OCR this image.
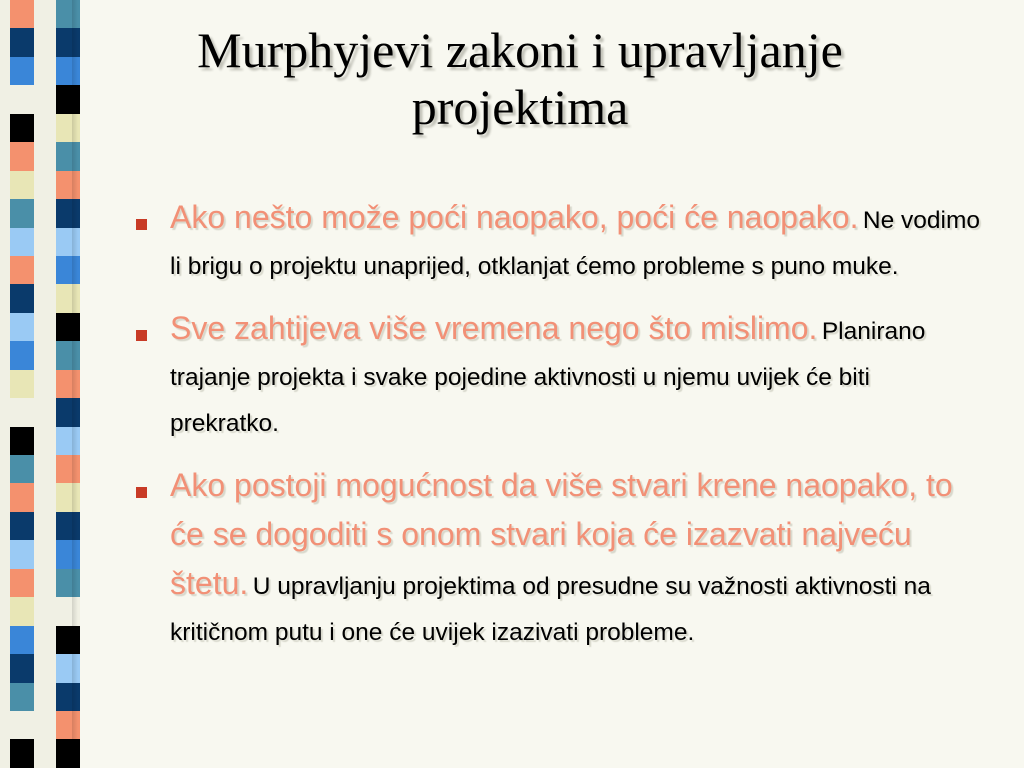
Murphyjevi zakoni i upravljanje projektima
Ako nešto može poći naopako, poći će naopako. Ne vodimo li brigu o projektu unaprijed, otklanjat ćemo probleme s puno muke.
Sve zahtijeva više vremena nego što mislimo. Planirano trajanje projekta i svake pojedine aktivnosti u njemu uvijek će biti prekratko.
Ako postoji mogućnost da više stvari krene naopako, to će se dogoditi s onom stvari koja će izazvati najveću štetu. U upravljanju projektima od presudne su važnosti aktivnosti na kritičnom putu i one će uvijek izazivati probleme.
